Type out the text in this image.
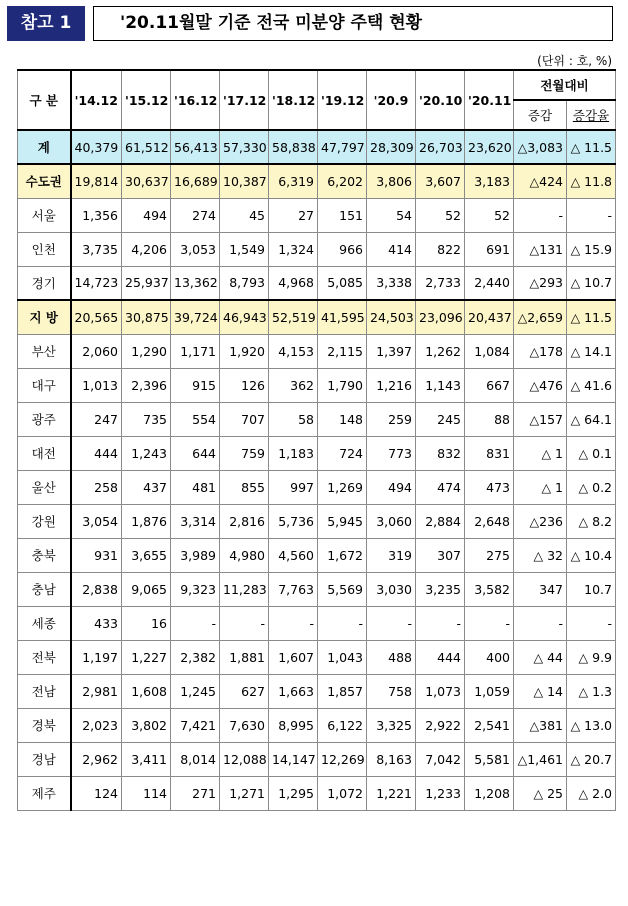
참고 1	'20.11월말 기준 전국 미분양 주택 현황
(단위 : 호, %)
구 분	'14.12	'15.12	'16.12	'17.12	'18.12	'19.12	'20.9	'20.10	'20.11	전월대비	
										증감	증감율
계	40,379	61,512	56,413	57,330	58,838	47,797	28,309	26,703	23,620	△3,083	△ 11.5
수도권	19,814	30,637	16,689	10,387	6,319	6,202	3,806	3,607	3,183	△424	△ 11.8
서울	1,356	494	274	45	27	151	54	52	52	-	-
인천	3,735	4,206	3,053	1,549	1,324	966	414	822	691	△131	△ 15.9
경기	14,723	25,937	13,362	8,793	4,968	5,085	3,338	2,733	2,440	△293	△ 10.7
지 방	20,565	30,875	39,724	46,943	52,519	41,595	24,503	23,096	20,437	△2,659	△ 11.5
부산	2,060	1,290	1,171	1,920	4,153	2,115	1,397	1,262	1,084	△178	△ 14.1
대구	1,013	2,396	915	126	362	1,790	1,216	1,143	667	△476	△ 41.6
광주	247	735	554	707	58	148	259	245	88	△157	△ 64.1
대전	444	1,243	644	759	1,183	724	773	832	831	△ 1	△ 0.1
울산	258	437	481	855	997	1,269	494	474	473	△ 1	△ 0.2
강원	3,054	1,876	3,314	2,816	5,736	5,945	3,060	2,884	2,648	△236	△ 8.2
충북	931	3,655	3,989	4,980	4,560	1,672	319	307	275	△ 32	△ 10.4
충남	2,838	9,065	9,323	11,283	7,763	5,569	3,030	3,235	3,582	347	10.7
세종	433	16	-	-	-	-	-	-	-	-	-
전북	1,197	1,227	2,382	1,881	1,607	1,043	488	444	400	△ 44	△ 9.9
전남	2,981	1,608	1,245	627	1,663	1,857	758	1,073	1,059	△ 14	△ 1.3
경북	2,023	3,802	7,421	7,630	8,995	6,122	3,325	2,922	2,541	△381	△ 13.0
경남	2,962	3,411	8,014	12,088	14,147	12,269	8,163	7,042	5,581	△1,461	△ 20.7
제주	124	114	271	1,271	1,295	1,072	1,221	1,233	1,208	△ 25	△ 2.0
